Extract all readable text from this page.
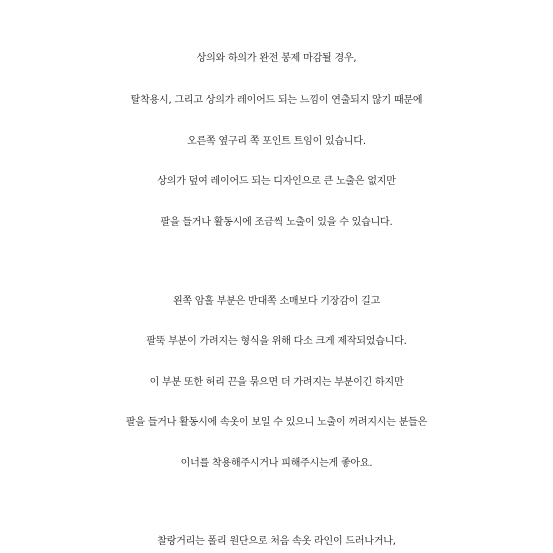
상의와 하의가 완전 봉제 마감될 경우,
탈착용시, 그리고 상의가 레이어드 되는 느낌이 연출되지 않기 때문에
오른쪽 옆구리 쪽 포인트 트임이 있습니다.
상의가 덮여 레이어드 되는 디자인으로 큰 노출은 없지만
팔을 들거나 활동시에 조금씩 노출이 있을 수 있습니다.
왼쪽 암홀 부분은 반대쪽 소매보다 기장감이 길고
팔뚝 부분이 가려지는 형식을 위해 다소 크게 제작되었습니다.
이 부분 또한 허리 끈을 묶으면 더 가려지는 부분이긴 하지만
팔을 들거나 활동시에 속옷이 보일 수 있으니 노출이 꺼려지시는 분들은
이너를 착용해주시거나 피해주시는게 좋아요.
찰랑거리는 폴리 원단으로 처음 속옷 라인이 드러나거나,
